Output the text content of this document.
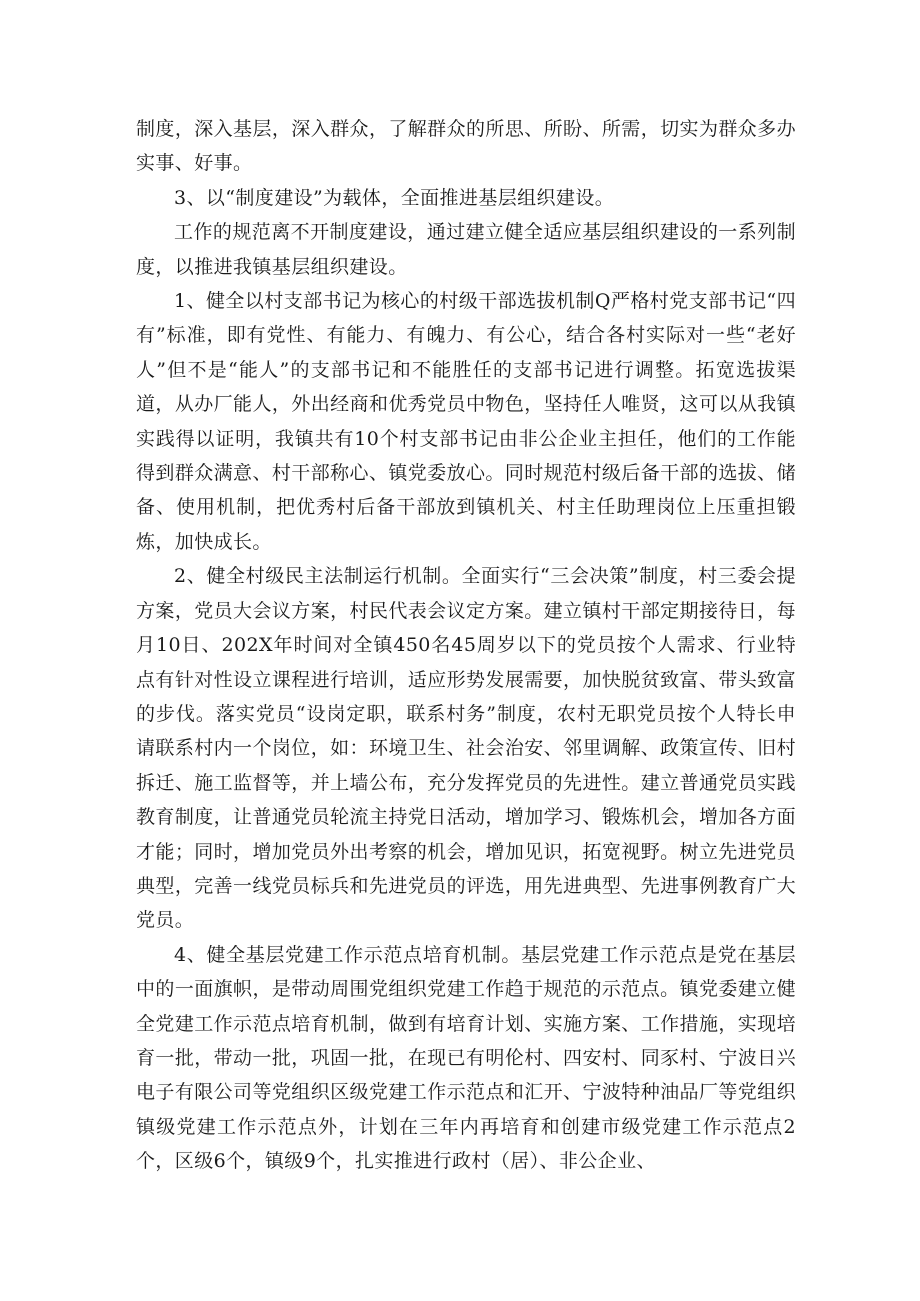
制度，深入基层，深入群众，了解群众的所思、所盼、所需，切实为群众多办实事、好事。

3、以“制度建设”为载体，全面推进基层组织建设。

工作的规范离不开制度建设，通过建立健全适应基层组织建设的一系列制度，以推进我镇基层组织建设。

1、健全以村支部书记为核心的村级干部选拔机制Q严格村党支部书记“四有”标准，即有党性、有能力、有魄力、有公心，结合各村实际对一些“老好人”但不是“能人”的支部书记和不能胜任的支部书记进行调整。拓宽选拔渠道，从办厂能人，外出经商和优秀党员中物色，坚持任人唯贤，这可以从我镇实践得以证明，我镇共有10个村支部书记由非公企业主担任，他们的工作能得到群众满意、村干部称心、镇党委放心。同时规范村级后备干部的选拔、储备、使用机制，把优秀村后备干部放到镇机关、村主任助理岗位上压重担锻炼，加快成长。

2、健全村级民主法制运行机制。全面实行“三会决策”制度，村三委会提方案，党员大会议方案，村民代表会议定方案。建立镇村干部定期接待日，每月10日、202X年时间对全镇450名45周岁以下的党员按个人需求、行业特点有针对性设立课程进行培训，适应形势发展需要，加快脱贫致富、带头致富的步伐。落实党员“设岗定职，联系村务”制度，农村无职党员按个人特长申请联系村内一个岗位，如：环境卫生、社会治安、邻里调解、政策宣传、旧村拆迁、施工监督等，并上墙公布，充分发挥党员的先进性。建立普通党员实践教育制度，让普通党员轮流主持党日活动，增加学习、锻炼机会，增加各方面才能；同时，增加党员外出考察的机会，增加见识，拓宽视野。树立先进党员典型，完善一线党员标兵和先进党员的评选，用先进典型、先进事例教育广大党员。

4、健全基层党建工作示范点培育机制。基层党建工作示范点是党在基层中的一面旗帜，是带动周围党组织党建工作趋于规范的示范点。镇党委建立健全党建工作示范点培育机制，做到有培育计划、实施方案、工作措施，实现培育一批，带动一批，巩固一批，在现已有明伦村、四安村、同豕村、宁波日兴电子有限公司等党组织区级党建工作示范点和汇开、宁波特种油品厂等党组织镇级党建工作示范点外，计划在三年内再培育和创建市级党建工作示范点2个，区级6个，镇级9个，扎实推进行政村（居）、非公企业、
